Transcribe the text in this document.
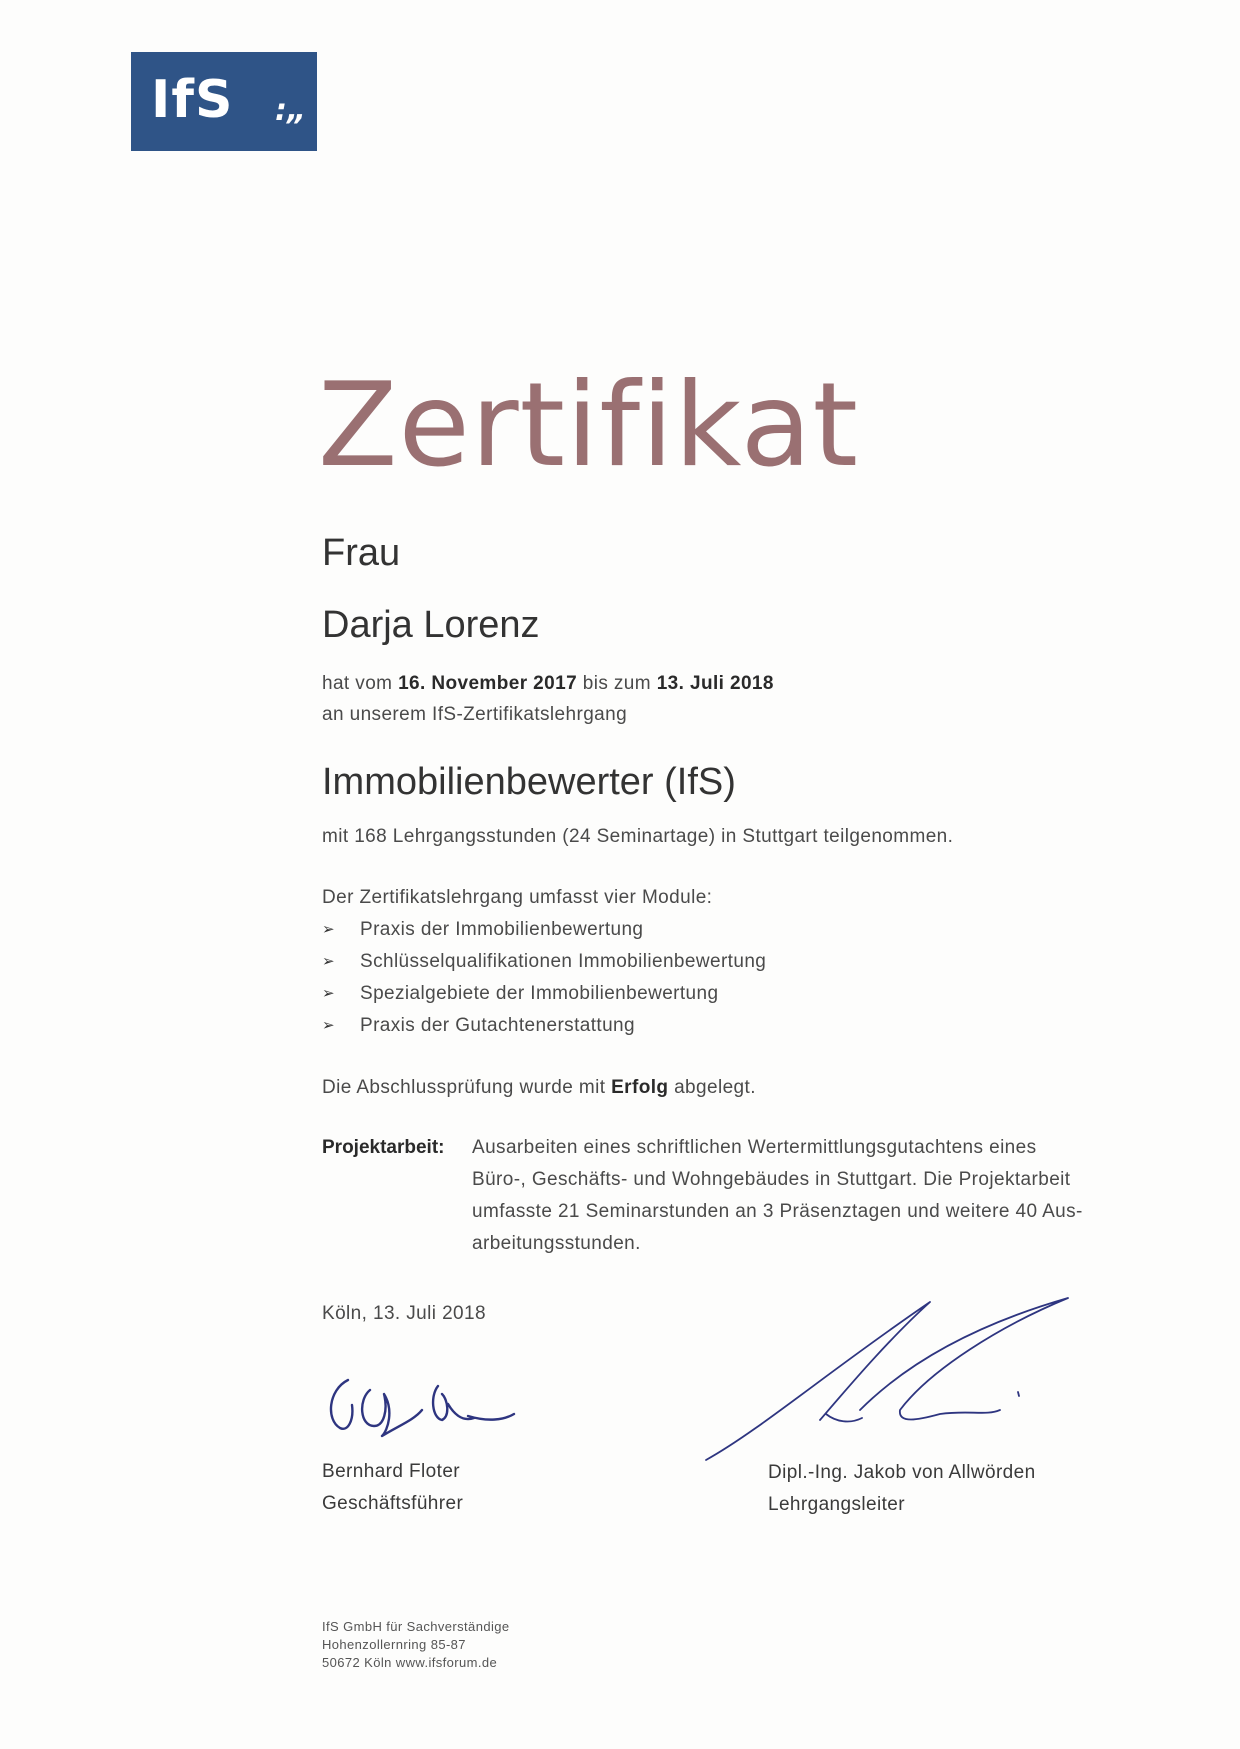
IfS :„
Zertifikat
Frau
Darja Lorenz
hat vom 16. November 2017 bis zum 13. Juli 2018
an unserem IfS-Zertifikatslehrgang
Immobilienbewerter (IfS)
mit 168 Lehrgangsstunden (24 Seminartage) in Stuttgart teilgenommen.
Der Zertifikatslehrgang umfasst vier Module:
➢ Praxis der Immobilienbewertung
➢ Schlüsselqualifikationen Immobilienbewertung
➢ Spezialgebiete der Immobilienbewertung
➢ Praxis der Gutachtenerstattung
Die Abschlussprüfung wurde mit Erfolg abgelegt.
Projektarbeit: Ausarbeiten eines schriftlichen Wertermittlungsgutachtens eines
Büro-, Geschäfts- und Wohngebäudes in Stuttgart. Die Projektarbeit
umfasste 21 Seminarstunden an 3 Präsenztagen und weitere 40 Aus-
arbeitungsstunden.
Köln, 13. Juli 2018
Bernhard Floter
Geschäftsführer
Dipl.-Ing. Jakob von Allwörden
Lehrgangsleiter
IfS GmbH für Sachverständige
Hohenzollernring 85-87
50672 Köln www.ifsforum.de
